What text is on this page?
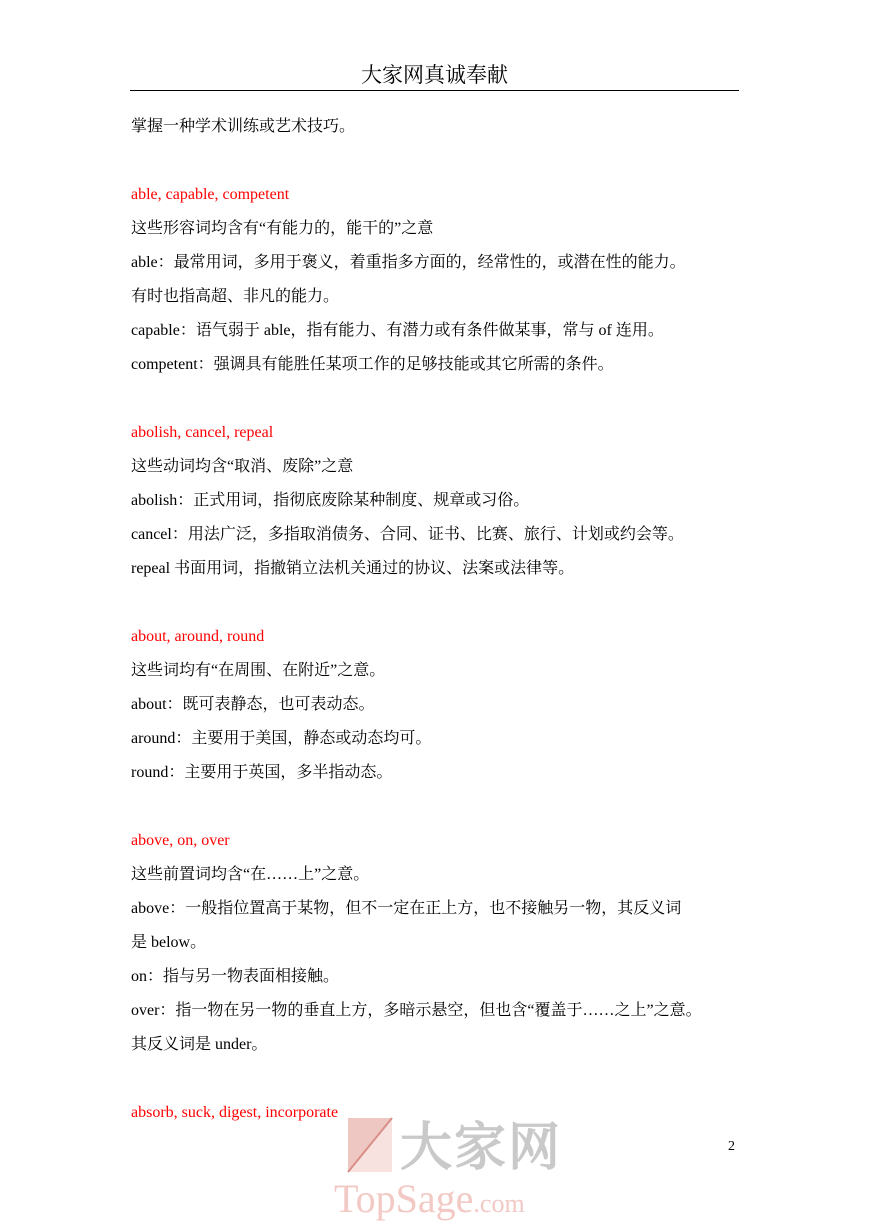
大家网真诚奉献
掌握一种学术训练或艺术技巧。
able, capable, competent
这些形容词均含有“有能力的，能干的”之意
able：最常用词，多用于褒义，着重指多方面的，经常性的，或潜在性的能力。
有时也指高超、非凡的能力。
capable：语气弱于 able，指有能力、有潜力或有条件做某事，常与 of 连用。
competent：强调具有能胜任某项工作的足够技能或其它所需的条件。
abolish, cancel, repeal
这些动词均含“取消、废除”之意
abolish：正式用词，指彻底废除某种制度、规章或习俗。
cancel：用法广泛，多指取消债务、合同、证书、比赛、旅行、计划或约会等。
repeal 书面用词，指撤销立法机关通过的协议、法案或法律等。
about, around, round
这些词均有“在周围、在附近”之意。
about：既可表静态，也可表动态。
around：主要用于美国，静态或动态均可。
round：主要用于英国，多半指动态。
above, on, over
这些前置词均含“在……上”之意。
above：一般指位置高于某物，但不一定在正上方，也不接触另一物，其反义词
是 below。
on：指与另一物表面相接触。
over：指一物在另一物的垂直上方，多暗示悬空，但也含“覆盖于……之上”之意。
其反义词是 under。
absorb, suck, digest, incorporate
2
大家网
TopSage.com
